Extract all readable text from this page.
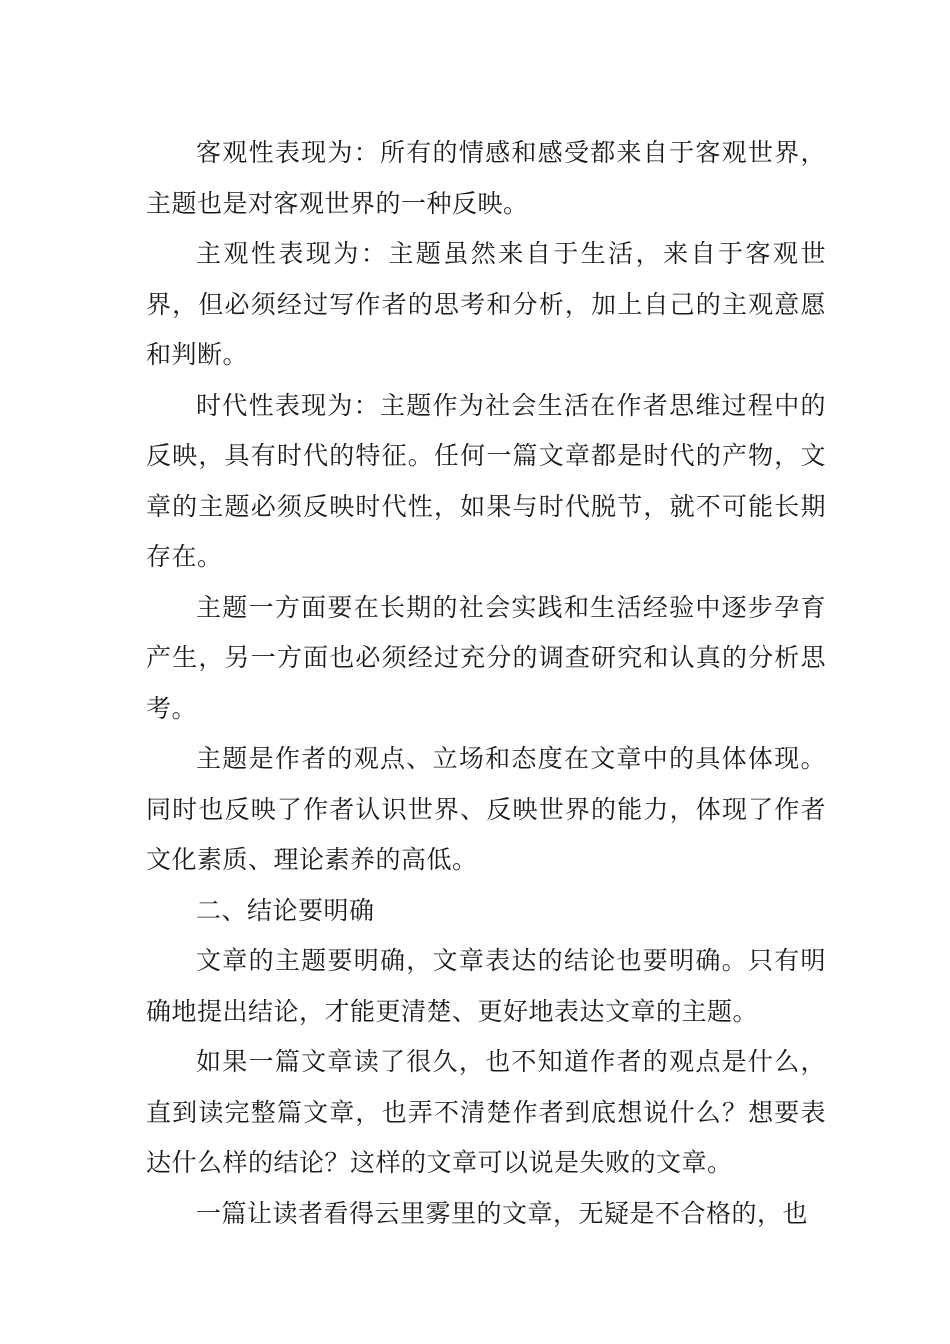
客观性表现为：所有的情感和感受都来自于客观世界，主题也是对客观世界的一种反映。

主观性表现为：主题虽然来自于生活，来自于客观世界，但必须经过写作者的思考和分析，加上自己的主观意愿和判断。

时代性表现为：主题作为社会生活在作者思维过程中的反映，具有时代的特征。任何一篇文章都是时代的产物，文章的主题必须反映时代性，如果与时代脱节，就不可能长期存在。

主题一方面要在长期的社会实践和生活经验中逐步孕育产生，另一方面也必须经过充分的调查研究和认真的分析思考。

主题是作者的观点、立场和态度在文章中的具体体现。同时也反映了作者认识世界、反映世界的能力，体现了作者文化素质、理论素养的高低。

二、结论要明确

文章的主题要明确，文章表达的结论也要明确。只有明确地提出结论，才能更清楚、更好地表达文章的主题。

如果一篇文章读了很久，也不知道作者的观点是什么，直到读完整篇文章，也弄不清楚作者到底想说什么？想要表达什么样的结论？这样的文章可以说是失败的文章。

一篇让读者看得云里雾里的文章，无疑是不合格的，也
